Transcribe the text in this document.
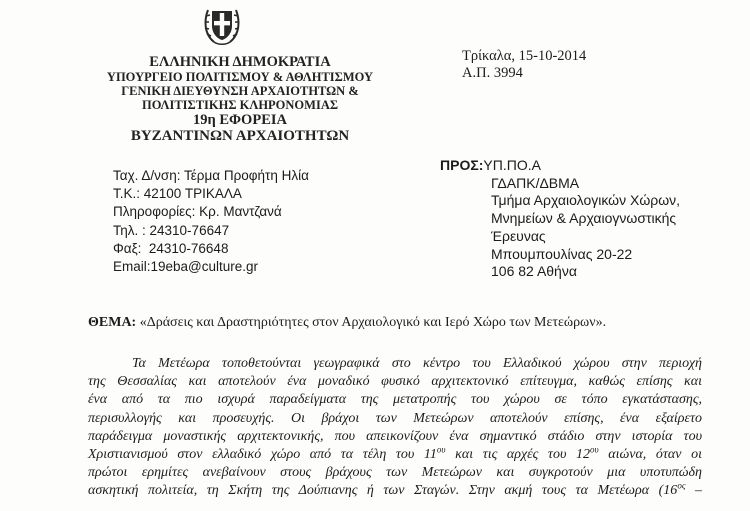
ΕΛΛΗΝΙΚΗ ΔΗΜΟΚΡΑΤΙΑ
ΥΠΟΥΡΓΕΙΟ ΠΟΛΙΤΙΣΜΟΥ & ΑΘΛΗΤΙΣΜΟΥ
ΓΕΝΙΚΗ ΔΙΕΥΘΥΝΣΗ ΑΡΧΑΙΟΤΗΤΩΝ &
ΠΟΛΙΤΙΣΤΙΚΗΣ ΚΛΗΡΟΝΟΜΙΑΣ
19η ΕΦΟΡΕΙΑ
ΒΥΖΑΝΤΙΝΩΝ ΑΡΧΑΙΟΤΗΤΩΝ
Τρίκαλα, 15-10-2014
Α.Π. 3994
Ταχ. Δ/νση: Τέρμα Προφήτη Ηλία
Τ.Κ.: 42100 ΤΡΙΚΑΛΑ
Πληροφορίες: Κρ. Μαντζανά
Τηλ. : 24310-76647
Φαξ:  24310-76648
Email:19eba@culture.gr
ΠΡΟΣ:ΥΠ.ΠΟ.Α
ΓΔΑΠΚ/ΔΒΜΑ
Τμήμα Αρχαιολογικών Χώρων,
Μνημείων & Αρχαιογνωστικής
Έρευνας
Μπουμπουλίνας 20-22
106 82 Αθήνα
ΘΕΜΑ: «Δράσεις και Δραστηριότητες στον Αρχαιολογικό και Ιερό Χώρο των Μετεώρων».
Τα Μετέωρα τοποθετούνται γεωγραφικά στο κέντρο του Ελλαδικού χώρου στην περιοχή
της Θεσσαλίας και αποτελούν ένα μοναδικό φυσικό αρχιτεκτονικό επίτευγμα, καθώς επίσης και
ένα από τα πιο ισχυρά παραδείγματα της μετατροπής του χώρου σε τόπο εγκατάστασης,
περισυλλογής και προσευχής. Οι βράχοι των Μετεώρων αποτελούν επίσης, ένα εξαίρετο
παράδειγμα μοναστικής αρχιτεκτονικής, που απεικονίζουν ένα σημαντικό στάδιο στην ιστορία του
Χριστιανισμού στον ελλαδικό χώρο από τα τέλη του $11^{o\upsilon}$ και τις αρχές του $12^{o\upsilon}$ αιώνα, όταν οι
πρώτοι ερημίτες ανεβαίνουν στους βράχους των Μετεώρων και συγκροτούν μια υποτυπώδη
ασκητική πολιτεία, τη Σκήτη της Δούπιανης ή των Σταγών. Στην ακμή τους τα Μετέωρα ($16^{o\varsigma}$ –
